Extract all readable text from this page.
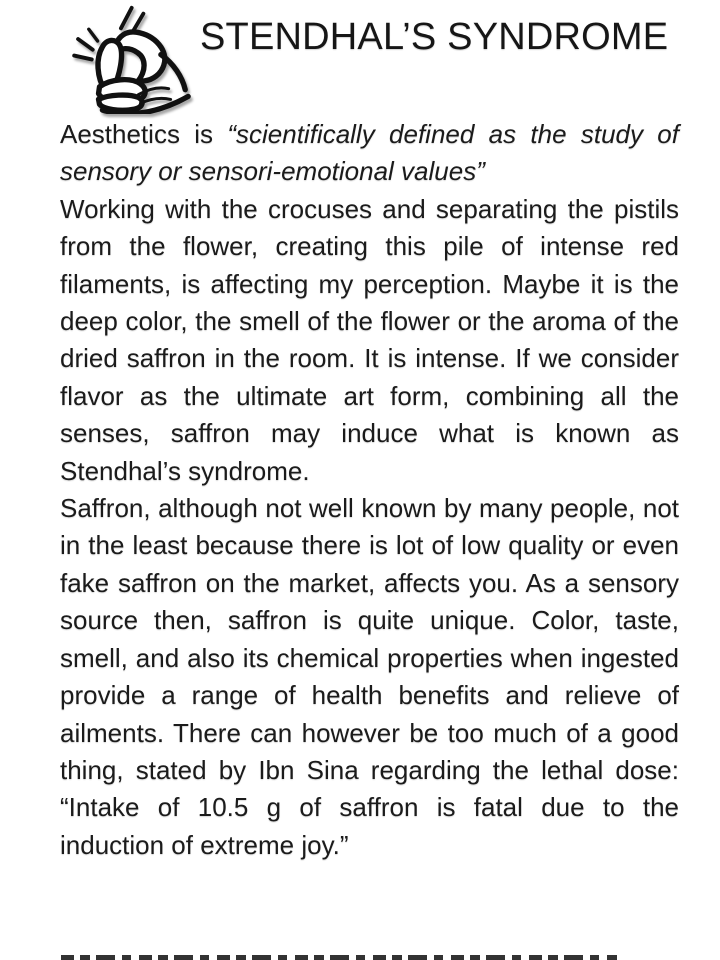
STENDHAL’S SYNDROME

Aesthetics is “scientifically defined as the study of sensory or sensori-emotional values”

Working with the crocuses and separating the pistils from the flower, creating this pile of intense red filaments, is affecting my perception. Maybe it is the deep color, the smell of the flower or the aroma of the dried saffron in the room. It is intense. If we consider flavor as the ultimate art form, combining all the senses, saffron may induce what is known as Stendhal’s syndrome.

Saffron, although not well known by many people, not in the least because there is lot of low quality or even fake saffron on the market, affects you. As a sensory source then, saffron is quite unique. Color, taste, smell, and also its chemical properties when ingested provide a range of health benefits and relieve of ailments. There can however be too much of a good thing, stated by Ibn Sina regarding the lethal dose: “Intake of 10.5 g of saffron is fatal due to the induction of extreme joy.”
